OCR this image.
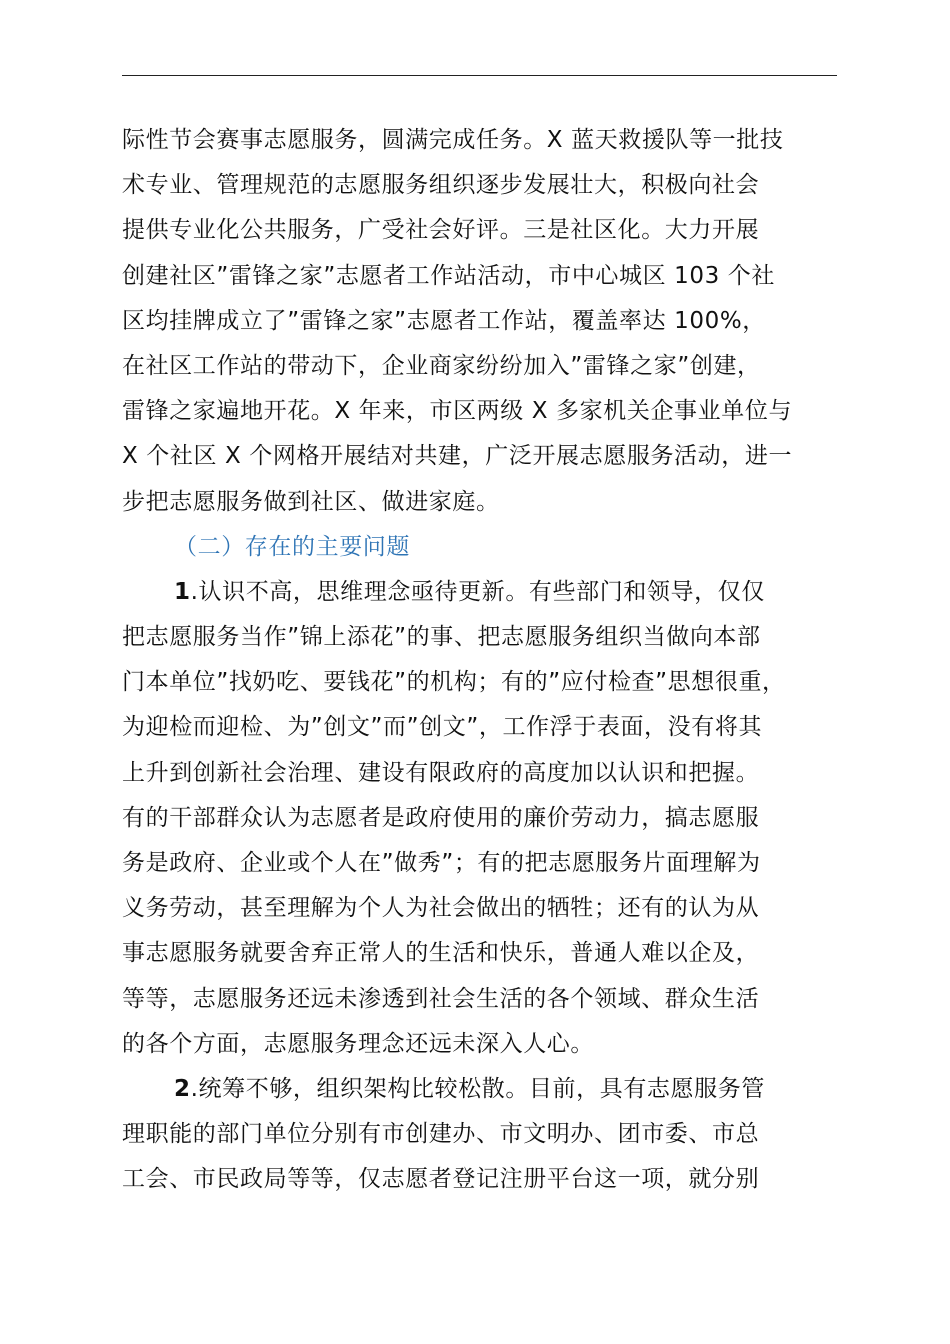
际性节会赛事志愿服务，圆满完成任务。X 蓝天救援队等一批技
术专业、管理规范的志愿服务组织逐步发展壮大，积极向社会
提供专业化公共服务，广受社会好评。三是社区化。大力开展
创建社区”雷锋之家”志愿者工作站活动，市中心城区 103 个社
区均挂牌成立了”雷锋之家”志愿者工作站，覆盖率达 100%，
在社区工作站的带动下，企业商家纷纷加入”雷锋之家”创建，
雷锋之家遍地开花。X 年来，市区两级 X 多家机关企事业单位与
X 个社区 X 个网格开展结对共建，广泛开展志愿服务活动，进一
步把志愿服务做到社区、做进家庭。
（二）存在的主要问题
1.认识不高，思维理念亟待更新。有些部门和领导，仅仅
把志愿服务当作”锦上添花”的事、把志愿服务组织当做向本部
门本单位”找奶吃、要钱花”的机构；有的”应付检查”思想很重，
为迎检而迎检、为”创文”而”创文”，工作浮于表面，没有将其
上升到创新社会治理、建设有限政府的高度加以认识和把握。
有的干部群众认为志愿者是政府使用的廉价劳动力，搞志愿服
务是政府、企业或个人在”做秀”；有的把志愿服务片面理解为
义务劳动，甚至理解为个人为社会做出的牺牲；还有的认为从
事志愿服务就要舍弃正常人的生活和快乐，普通人难以企及，
等等，志愿服务还远未渗透到社会生活的各个领域、群众生活
的各个方面，志愿服务理念还远未深入人心。
2.统筹不够，组织架构比较松散。目前，具有志愿服务管
理职能的部门单位分别有市创建办、市文明办、团市委、市总
工会、市民政局等等，仅志愿者登记注册平台这一项，就分别
